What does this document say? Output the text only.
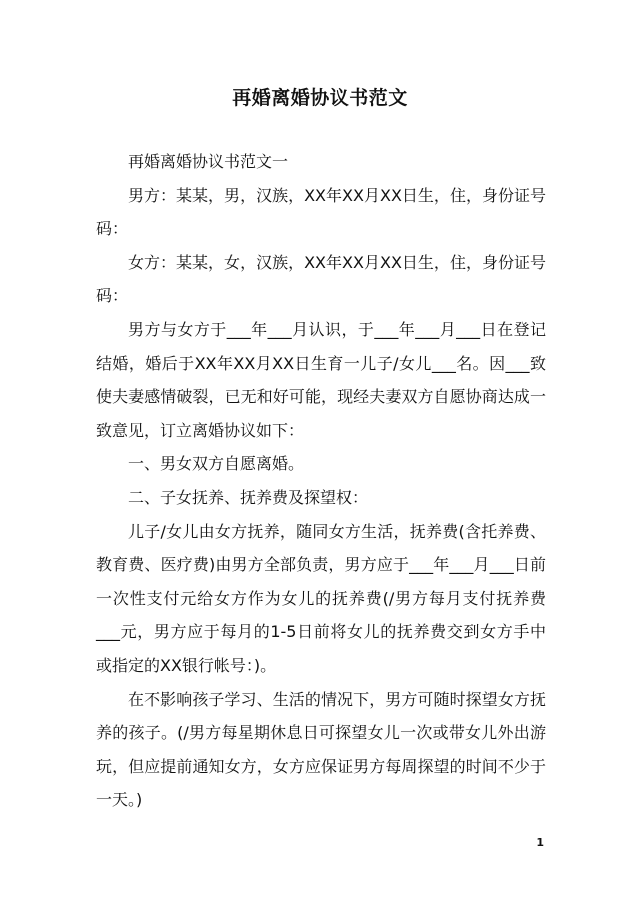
再婚离婚协议书范文

再婚离婚协议书范文一

男方：某某，男，汉族，XX年XX月XX日生，住，身份证号码：

女方：某某，女，汉族，XX年XX月XX日生，住，身份证号码：

男方与女方于___年___月认识，于___年___月___日在登记结婚，婚后于XX年XX月XX日生育一儿子/女儿___名。因___致使夫妻感情破裂，已无和好可能，现经夫妻双方自愿协商达成一致意见，订立离婚协议如下：

一、男女双方自愿离婚。

二、子女抚养、抚养费及探望权：

儿子/女儿由女方抚养，随同女方生活，抚养费(含托养费、教育费、医疗费)由男方全部负责，男方应于___年___月___日前一次性支付元给女方作为女儿的抚养费(/男方每月支付抚养费___元，男方应于每月的1-5日前将女儿的抚养费交到女方手中或指定的XX银行帐号：)。

在不影响孩子学习、生活的情况下，男方可随时探望女方抚养的孩子。(/男方每星期休息日可探望女儿一次或带女儿外出游玩，但应提前通知女方，女方应保证男方每周探望的时间不少于一天。)

1
